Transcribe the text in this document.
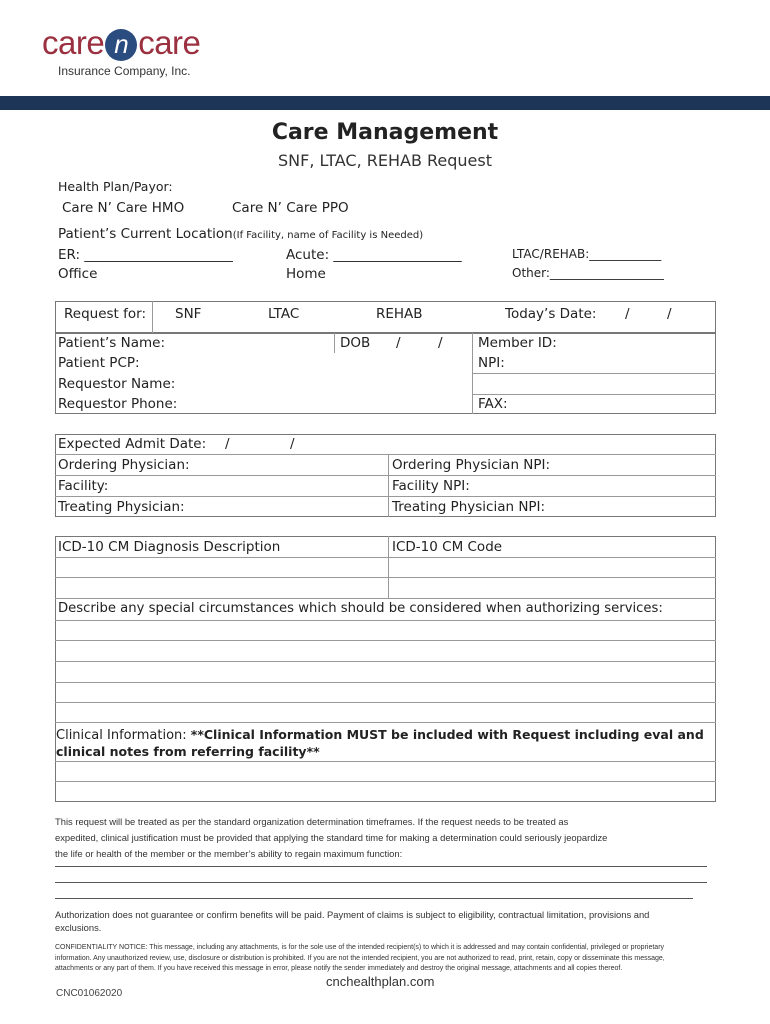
care n care
Insurance Company, Inc.
Care Management
SNF, LTAC, REHAB Request
Health Plan/Payor:
Care N’ Care HMO	Care N’ Care PPO
Patient’s Current Location(If Facility, name of Facility is Needed)
ER: ______________________	Acute: ___________________	LTAC/REHAB:____________
Office	Home	Other:___________________
Request for: SNF	LTAC	REHAB	Today’s Date: /	/
Patient’s Name:	DOB /	/	Member ID:
Patient PCP:	NPI:
Requestor Name:
Requestor Phone:	FAX:
Expected Admit Date: /	/
Ordering Physician:	Ordering Physician NPI:
Facility:	Facility NPI:
Treating Physician:	Treating Physician NPI:
ICD-10 CM Diagnosis Description	ICD-10 CM Code
Describe any special circumstances which should be considered when authorizing services:
Clinical Information: **Clinical Information MUST be included with Request including eval and
clinical notes from referring facility**
This request will be treated as per the standard organization determination timeframes. If the request needs to be treated as
expedited, clinical justification must be provided that applying the standard time for making a determination could seriously jeopardize
the life or health of the member or the member’s ability to regain maximum function:
Authorization does not guarantee or confirm benefits will be paid. Payment of claims is subject to eligibility, contractual limitation, provisions and
exclusions.
CONFIDENTIALITY NOTICE: This message, including any attachments, is for the sole use of the intended recipient(s) to which it is addressed and may contain confidential, privileged or proprietary
information. Any unauthorized review, use, disclosure or distribution is prohibited. If you are not the intended recipient, you are not authorized to read, print, retain, copy or disseminate this message,
attachments or any part of them. If you have received this message in error, please notify the sender immediately and destroy the original message, attachments and all copies thereof.
cnchealthplan.com
CNC01062020
